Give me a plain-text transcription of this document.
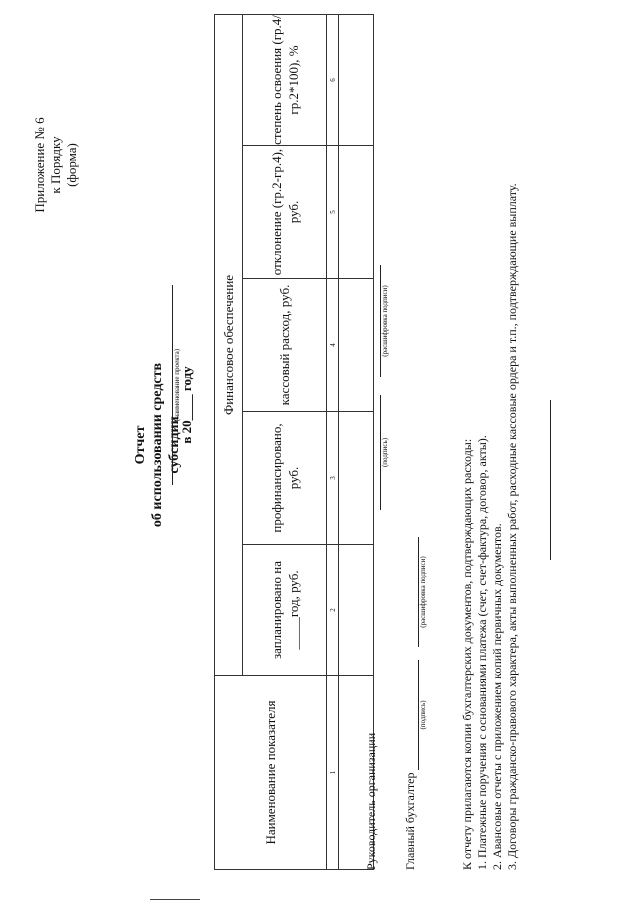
Приложение № 6 к Порядку (форма)
Отчет об использовании средств субсидии
(наименование проекта)
в 20____ году
Наименование показателя	Финансовое обеспечение				
	запланировано на _____год, руб.	профинансировано, руб.	кассовый расход, руб.	отклонение (гр.2-гр.4), руб.	степень освоения (гр.4/гр.2*100), %
1	2	3	4	5	6

Руководитель организации
(подпись)
(расшифровка подписи)
Главный бухгалтер
(подпись)
(расшифровка подписи)	К отчету прилагаются копии бухгалтерских документов, подтверждающих расходы: 1. Платежные поручения с основаниями платежа (счет, счет-фактура, договор, акты). 2. Авансовые отчеты с приложением копий первичных документов. 3. Договоры гражданско-правового характера, акты выполненных работ, расходные кассовые ордера и т.п., подтверждающие выплату.
